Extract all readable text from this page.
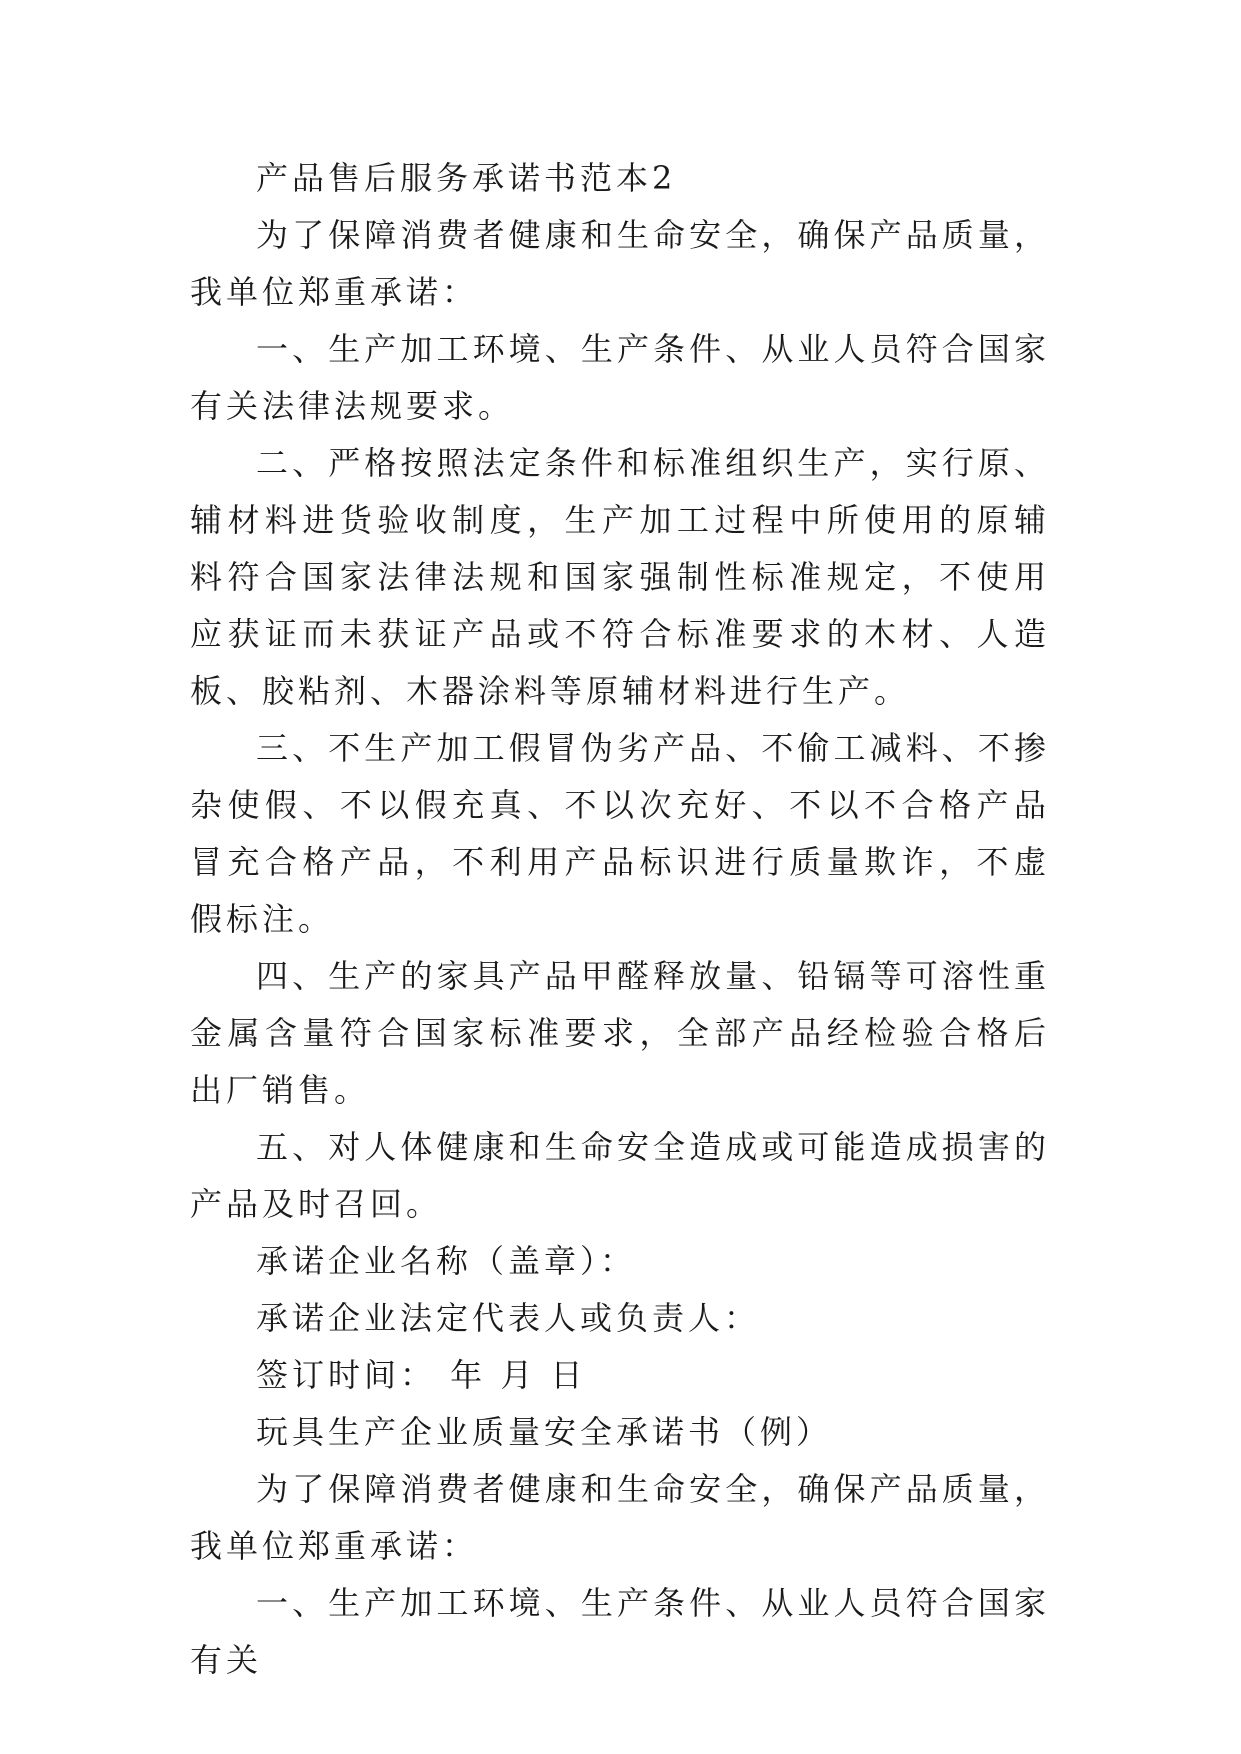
产品售后服务承诺书范本2

为了保障消费者健康和生命安全，确保产品质量，我单位郑重承诺：

一、生产加工环境、生产条件、从业人员符合国家有关法律法规要求。

二、严格按照法定条件和标准组织生产，实行原、辅材料进货验收制度，生产加工过程中所使用的原辅料符合国家法律法规和国家强制性标准规定，不使用应获证而未获证产品或不符合标准要求的木材、人造板、胶粘剂、木器涂料等原辅材料进行生产。

三、不生产加工假冒伪劣产品、不偷工减料、不掺杂使假、不以假充真、不以次充好、不以不合格产品冒充合格产品，不利用产品标识进行质量欺诈，不虚假标注。

四、生产的家具产品甲醛释放量、铅镉等可溶性重金属含量符合国家标准要求，全部产品经检验合格后出厂销售。

五、对人体健康和生命安全造成或可能造成损害的产品及时召回。

承诺企业名称（盖章）：

承诺企业法定代表人或负责人：

签订时间： 年 月 日

玩具生产企业质量安全承诺书（例）

为了保障消费者健康和生命安全，确保产品质量，我单位郑重承诺：

一、生产加工环境、生产条件、从业人员符合国家有关
